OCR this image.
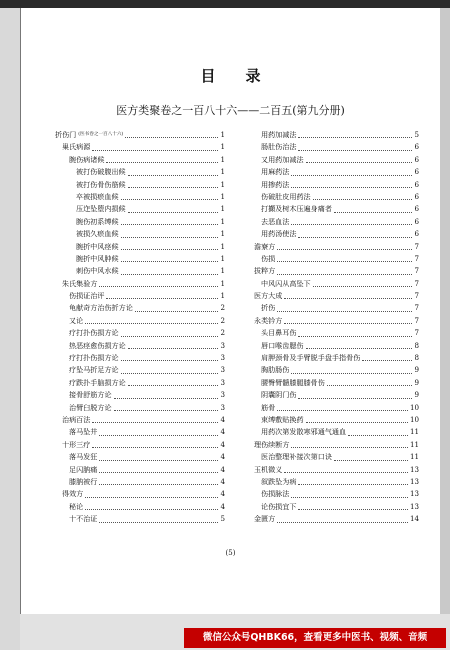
目录
医方类聚卷之一百八十六——二百五(第九分册)
折伤门 (医书卷之一百八十六)	1
巢氏病源	1
腕伤病诸候	1
被打伤破腹出候	1
被打伤骨伤筋候	1
卒被损瘀血候	1
压迮坠堕内损候	1
腕伤初系缚候	1
被损久瘀血候	1
腕折中风痉候	1
腕折中风肿候	1
刺伤中风水候	1
朱氏集验方	1
伤损证治评	1
龟献奇方治伤折方论	2
又论	2
疗打扑伤损方论	2
热恶痉愈伤损方论	3
疗打扑伤损方论	3
疗坠马折足方论	3
疗跌扑手脑损方论	3
接骨舒筋方论	3
治臂臼脱方论	3
治病百法	4
落马坠井	4
十形三疗	4
落马发狂	4
足闪肭痛	4
膝肭被行	4
得效方	4
秘论	4
十不治证	5
用药加减法	5
肠肚伤治法	6
又用药加减法	6
用麻药法	6
用掺药法	6
伤破肚皮用药法	6
打攧及树木压遍身痛者	6
去恶血法	6
用药汤使法	6
澹寮方	7
伤损	7
拔粹方	7
中风闪从高坠下	7
医方大成	7
折伤	7
永类钤方	7
头目鼻耳伤	7
唇口喉齿腮伤	8
肩胛颈骨及手臂脱手盘手指骨伤	8
胸肋肠伤	9
腰臀臂髓膝腿膝骨伤	9
阴囊阴门伤	9
筋骨	10
束缚敷贴换药	10
用药次第发散寒邪通气通血	11
理伤续断方	11
医治整理补接次第口诀	11
玉机微义	13
叙跌坠为病	13
伤损脉法	13
论伤损宜下	13
金匮方	14
(5)
微信公众号QHBK66，查看更多中医书、视频、音频
